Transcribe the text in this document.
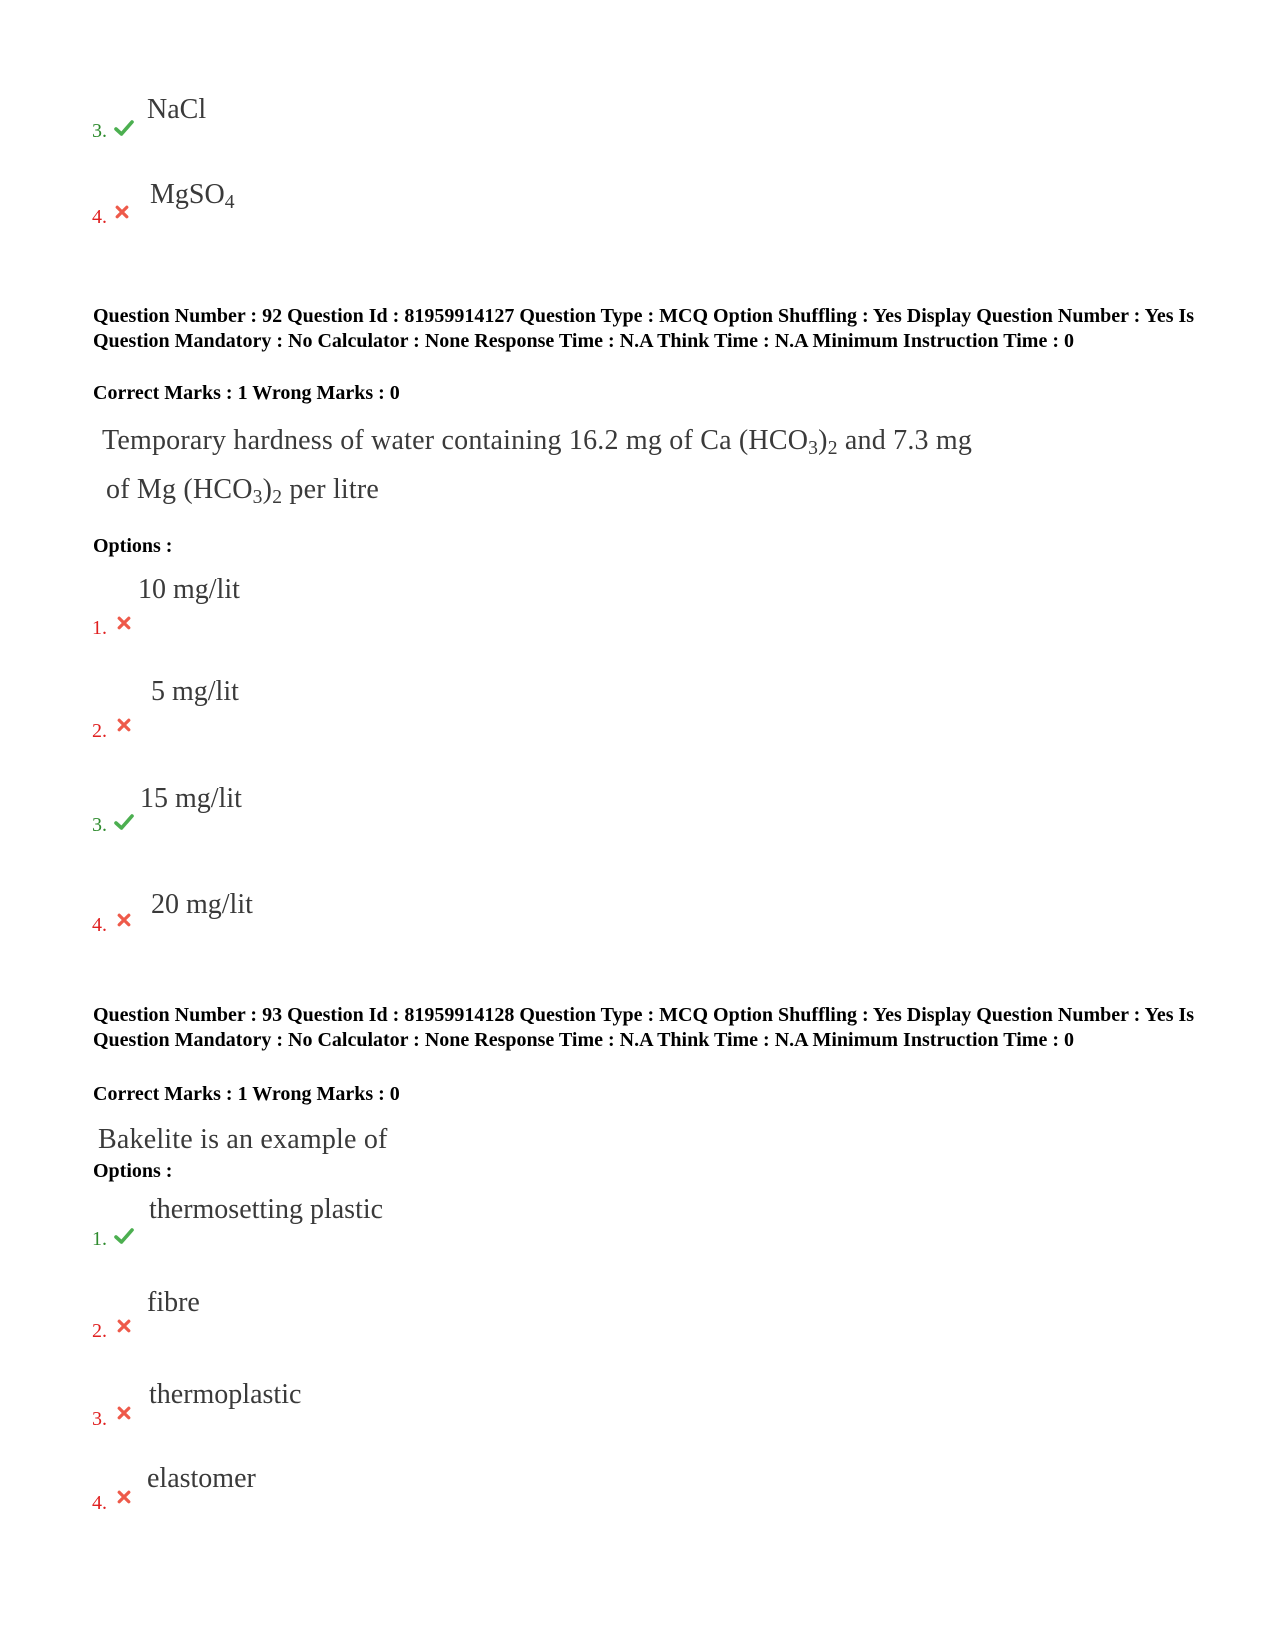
NaCl
3.
MgSO$_4$
4.
Question Number : 92 Question Id : 81959914127 Question Type : MCQ Option Shuffling : Yes Display Question Number : Yes Is Question Mandatory : No Calculator : None Response Time : N.A Think Time : N.A Minimum Instruction Time : 0
Correct Marks : 1 Wrong Marks : 0
Temporary hardness of water containing 16.2 mg of Ca $(HCO_3)_2$ and 7.3 mg
of Mg $(HCO_3)_2$ per litre
Options :
10 mg/lit
1.
5 mg/lit
2.
15 mg/lit
3.
20 mg/lit
4.
Question Number : 93 Question Id : 81959914128 Question Type : MCQ Option Shuffling : Yes Display Question Number : Yes Is Question Mandatory : No Calculator : None Response Time : N.A Think Time : N.A Minimum Instruction Time : 0
Correct Marks : 1 Wrong Marks : 0
Bakelite is an example of
Options :
thermosetting plastic
1.
fibre
2.
thermoplastic
3.
elastomer
4.
